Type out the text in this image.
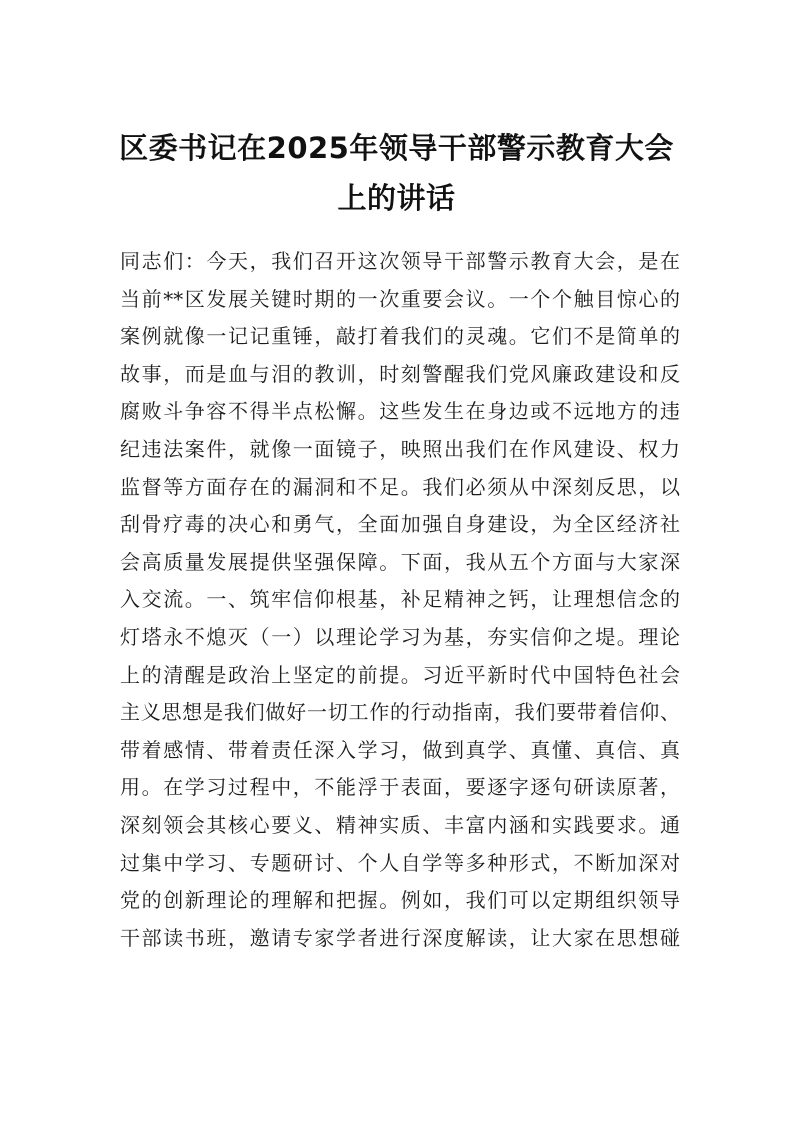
区委书记在2025年领导干部警示教育大会
上的讲话
同志们：今天，我们召开这次领导干部警示教育大会，是在
当前**区发展关键时期的一次重要会议。一个个触目惊心的
案例就像一记记重锤，敲打着我们的灵魂。它们不是简单的
故事，而是血与泪的教训，时刻警醒我们党风廉政建设和反
腐败斗争容不得半点松懈。这些发生在身边或不远地方的违
纪违法案件，就像一面镜子，映照出我们在作风建设、权力
监督等方面存在的漏洞和不足。我们必须从中深刻反思，以
刮骨疗毒的决心和勇气，全面加强自身建设，为全区经济社
会高质量发展提供坚强保障。下面，我从五个方面与大家深
入交流。一、筑牢信仰根基，补足精神之钙，让理想信念的
灯塔永不熄灭（一）以理论学习为基，夯实信仰之堤。理论
上的清醒是政治上坚定的前提。习近平新时代中国特色社会
主义思想是我们做好一切工作的行动指南，我们要带着信仰、
带着感情、带着责任深入学习，做到真学、真懂、真信、真
用。在学习过程中，不能浮于表面，要逐字逐句研读原著，
深刻领会其核心要义、精神实质、丰富内涵和实践要求。通
过集中学习、专题研讨、个人自学等多种形式，不断加深对
党的创新理论的理解和把握。例如，我们可以定期组织领导
干部读书班，邀请专家学者进行深度解读，让大家在思想碰
